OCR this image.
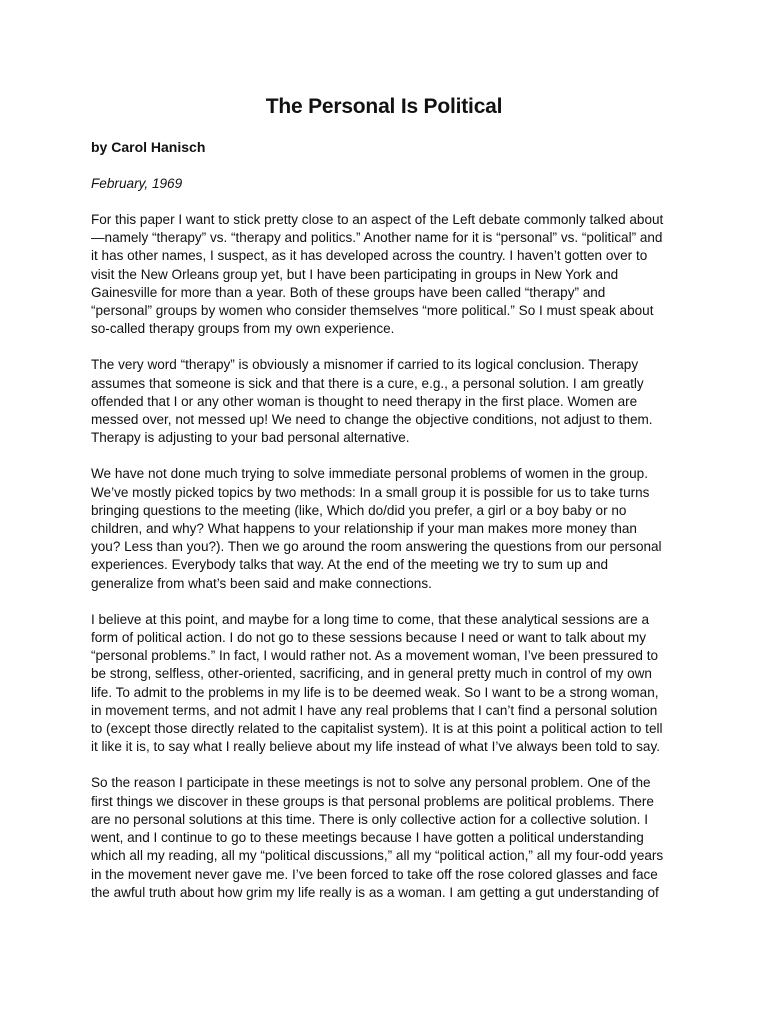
The Personal Is Political

by Carol Hanisch

February, 1969

For this paper I want to stick pretty close to an aspect of the Left debate commonly talked about
—namely “therapy” vs. “therapy and politics.” Another name for it is “personal” vs. “political” and
it has other names, I suspect, as it has developed across the country. I haven’t gotten over to
visit the New Orleans group yet, but I have been participating in groups in New York and
Gainesville for more than a year. Both of these groups have been called “therapy” and
“personal” groups by women who consider themselves “more political.” So I must speak about
so-called therapy groups from my own experience.

The very word “therapy” is obviously a misnomer if carried to its logical conclusion. Therapy
assumes that someone is sick and that there is a cure, e.g., a personal solution. I am greatly
offended that I or any other woman is thought to need therapy in the first place. Women are
messed over, not messed up! We need to change the objective conditions, not adjust to them.
Therapy is adjusting to your bad personal alternative.

We have not done much trying to solve immediate personal problems of women in the group.
We’ve mostly picked topics by two methods: In a small group it is possible for us to take turns
bringing questions to the meeting (like, Which do/did you prefer, a girl or a boy baby or no
children, and why? What happens to your relationship if your man makes more money than
you? Less than you?). Then we go around the room answering the questions from our personal
experiences. Everybody talks that way. At the end of the meeting we try to sum up and
generalize from what’s been said and make connections.

I believe at this point, and maybe for a long time to come, that these analytical sessions are a
form of political action. I do not go to these sessions because I need or want to talk about my
“personal problems.” In fact, I would rather not. As a movement woman, I’ve been pressured to
be strong, selfless, other-oriented, sacrificing, and in general pretty much in control of my own
life. To admit to the problems in my life is to be deemed weak. So I want to be a strong woman,
in movement terms, and not admit I have any real problems that I can’t find a personal solution
to (except those directly related to the capitalist system). It is at this point a political action to tell
it like it is, to say what I really believe about my life instead of what I’ve always been told to say.

So the reason I participate in these meetings is not to solve any personal problem. One of the
first things we discover in these groups is that personal problems are political problems. There
are no personal solutions at this time. There is only collective action for a collective solution. I
went, and I continue to go to these meetings because I have gotten a political understanding
which all my reading, all my “political discussions,” all my “political action,” all my four-odd years
in the movement never gave me. I’ve been forced to take off the rose colored glasses and face
the awful truth about how grim my life really is as a woman. I am getting a gut understanding of
